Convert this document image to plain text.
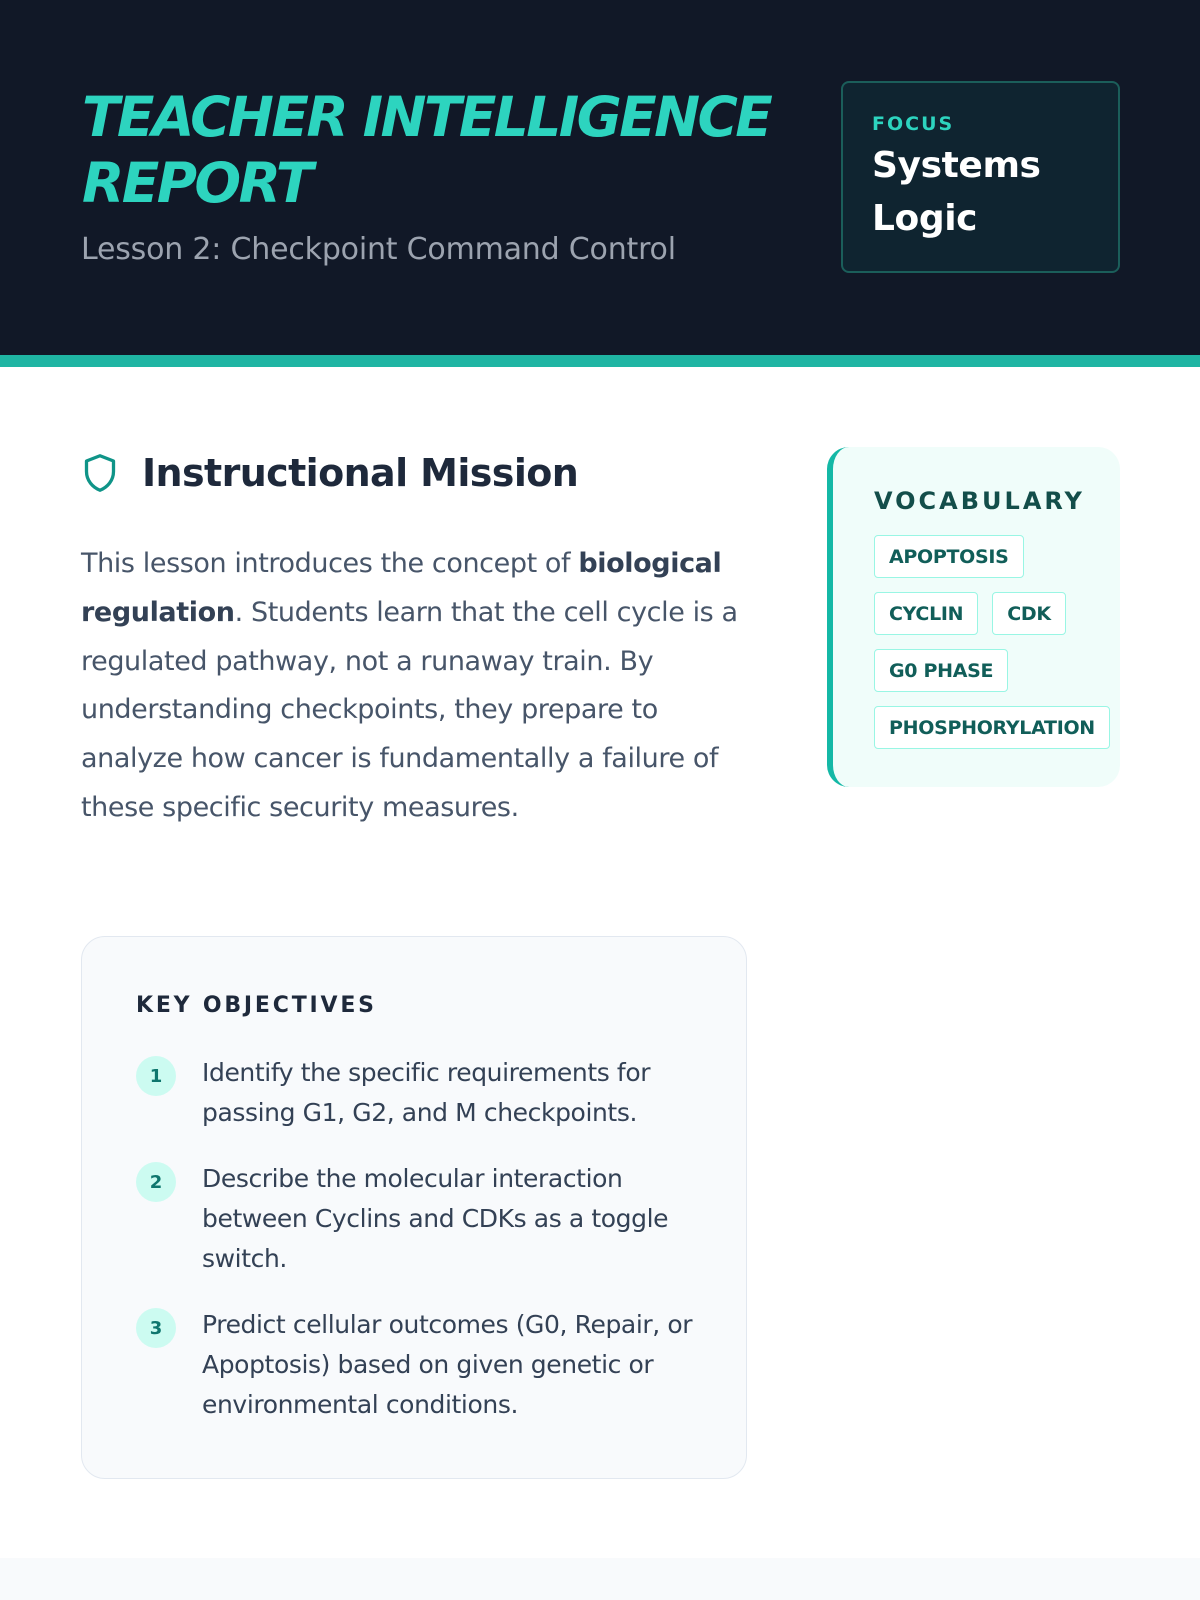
TEACHER INTELLIGENCE REPORT
Lesson 2: Checkpoint Command Control
FOCUS
Systems Logic
Instructional Mission

This lesson introduces the concept of biological regulation. Students learn that the cell cycle is a regulated pathway, not a runaway train. By understanding checkpoints, they prepare to analyze how cancer is fundamentally a failure of these specific security measures.

KEY OBJECTIVES
1	Identify the specific requirements for passing G1, G2, and M checkpoints.
2	Describe the molecular interaction between Cyclins and CDKs as a toggle switch.
3	Predict cellular outcomes (G0, Repair, or Apoptosis) based on given genetic or environmental conditions.
VOCABULARY
APOPTOSIS
CYCLIN	CDK
G0 PHASE
PHOSPHORYLATION
